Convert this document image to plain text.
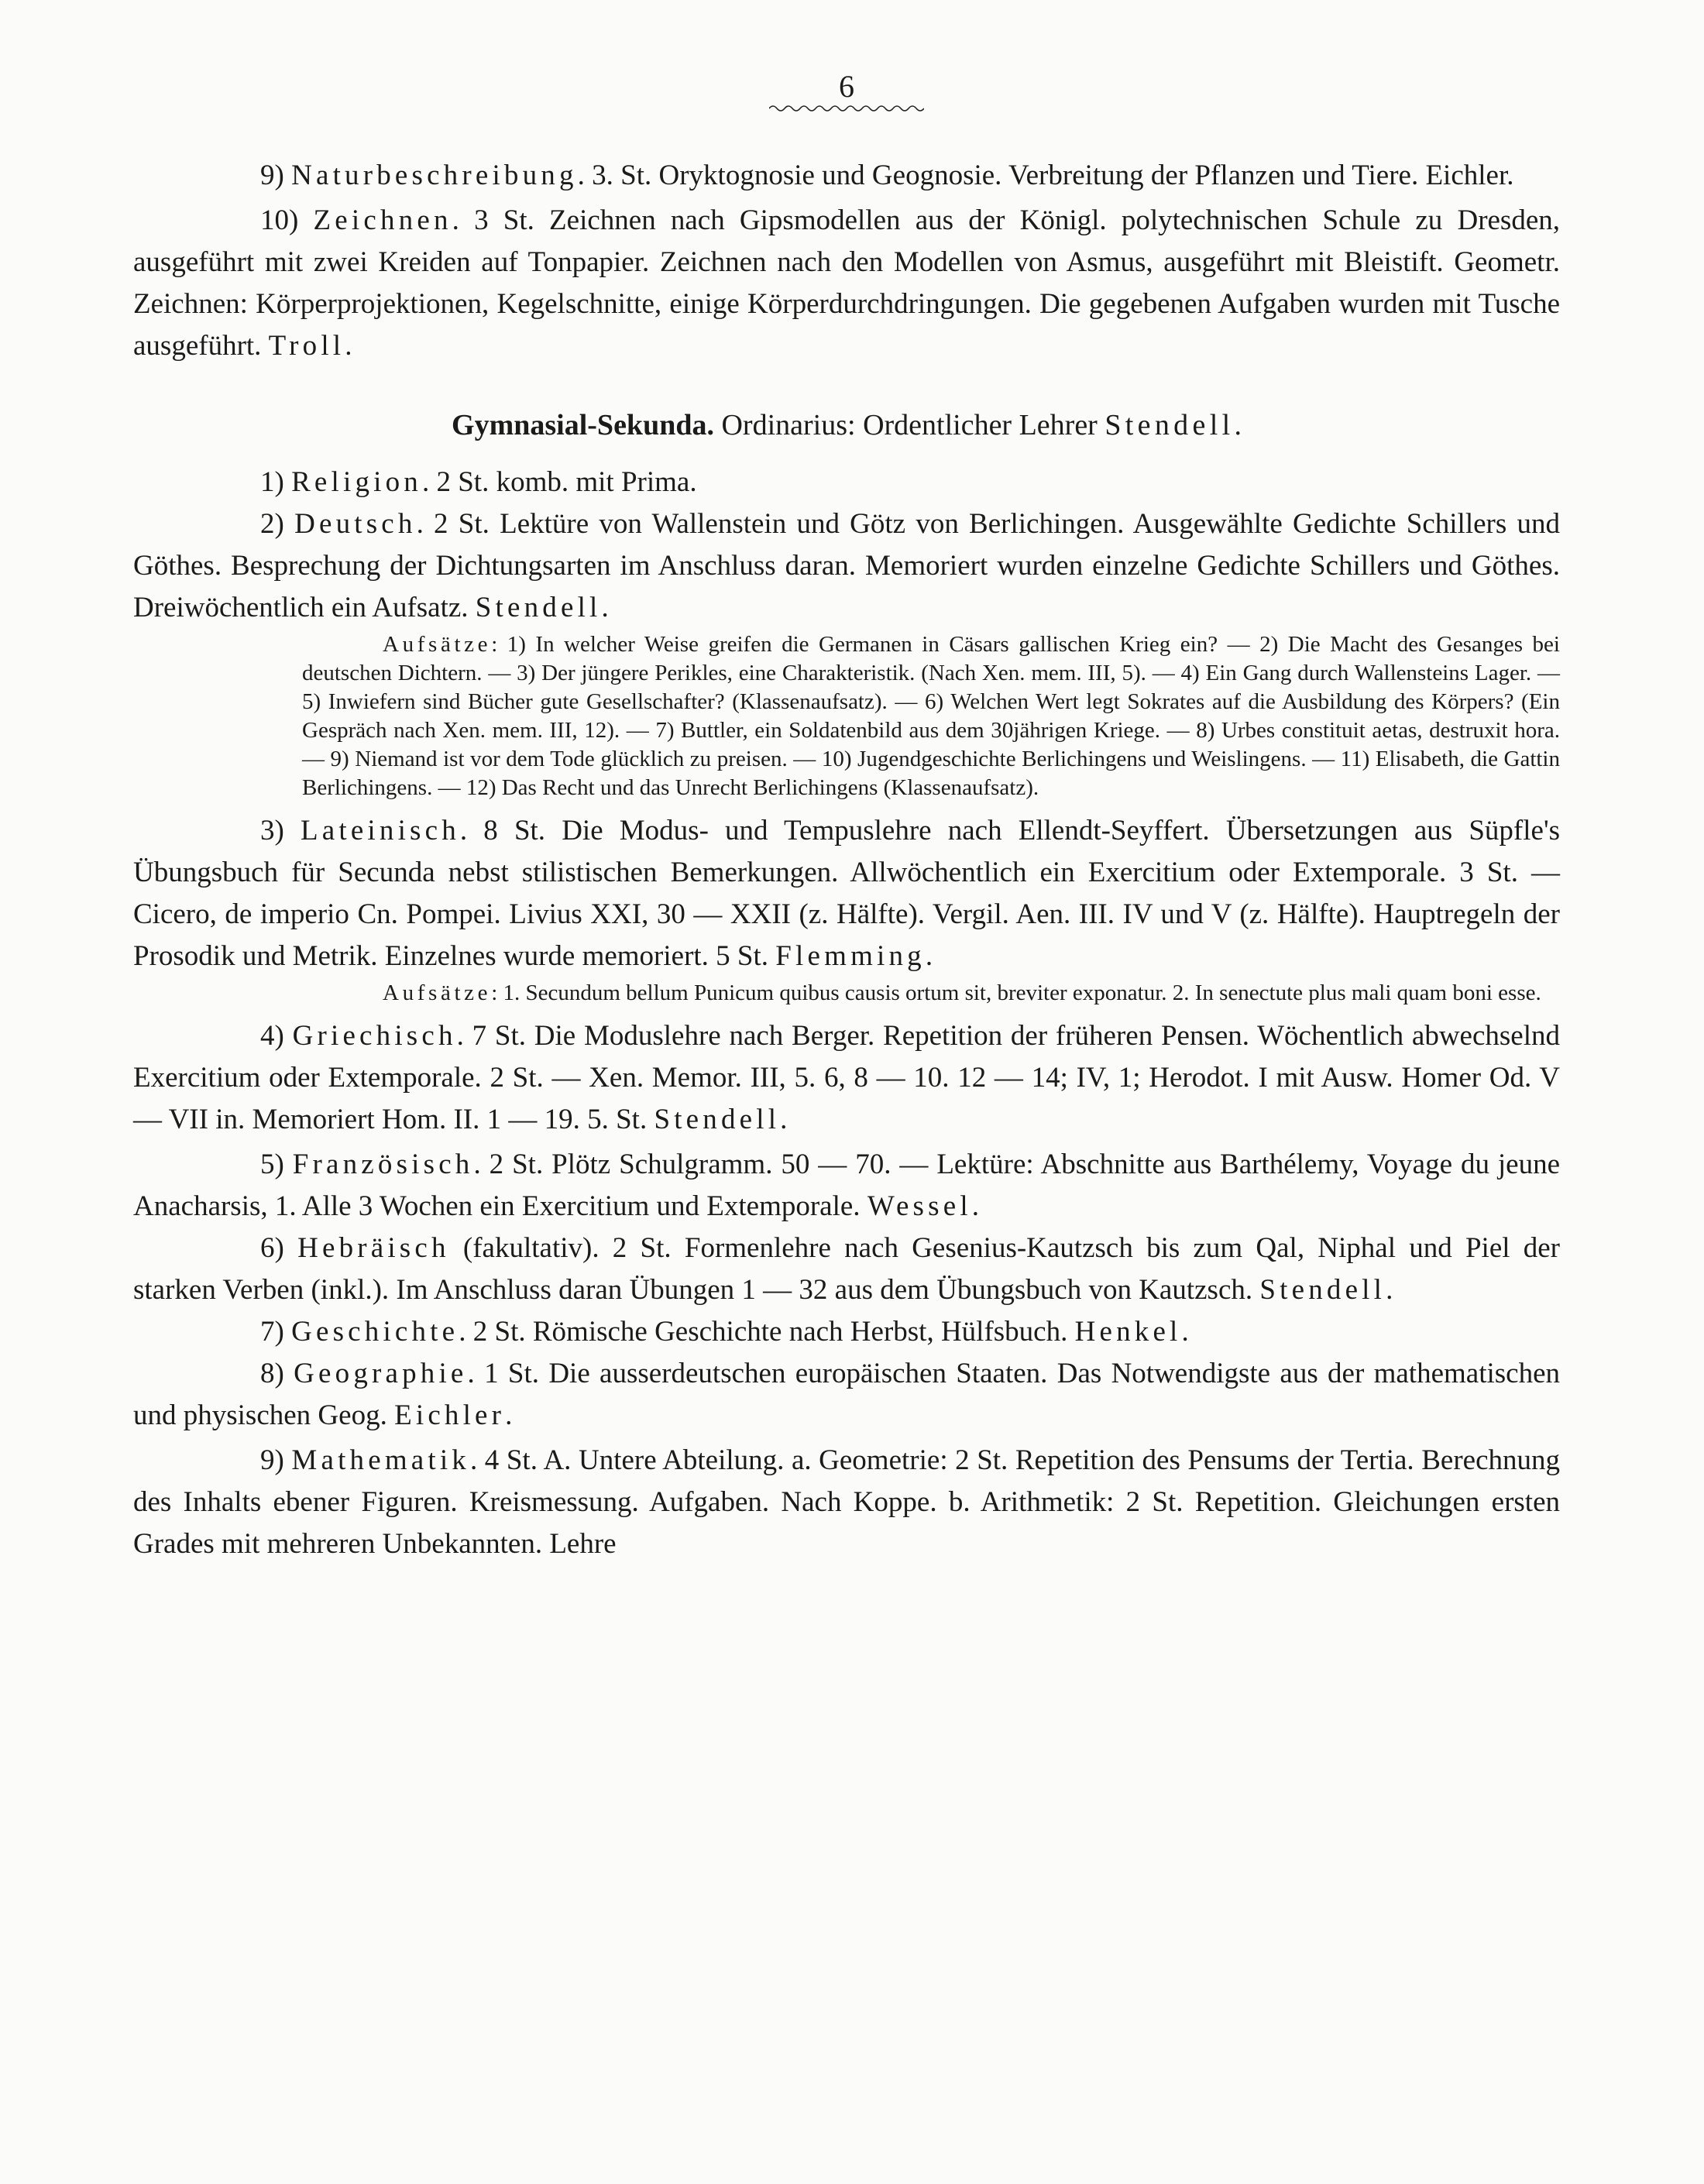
6

9) Naturbeschreibung. 3. St. Oryktognosie und Geognosie. Verbreitung der Pflanzen und Tiere. Eichler.

10) Zeichnen. 3 St. Zeichnen nach Gipsmodellen aus der Königl. polytechnischen Schule zu Dresden, ausgeführt mit zwei Kreiden auf Tonpapier. Zeichnen nach den Modellen von Asmus, ausgeführt mit Bleistift. Geometr. Zeichnen: Körperprojektionen, Kegelschnitte, einige Körperdurchdringungen. Die gegebenen Aufgaben wurden mit Tusche ausgeführt. Troll.

Gymnasial-Sekunda. Ordinarius: Ordentlicher Lehrer Stendell.

1) Religion. 2 St. komb. mit Prima.

2) Deutsch. 2 St. Lektüre von Wallenstein und Götz von Berlichingen. Ausgewählte Gedichte Schillers und Göthes. Besprechung der Dichtungsarten im Anschluss daran. Memoriert wurden einzelne Gedichte Schillers und Göthes. Dreiwöchentlich ein Aufsatz. Stendell.

Aufsätze: 1) In welcher Weise greifen die Germanen in Cäsars gallischen Krieg ein? — 2) Die Macht des Gesanges bei deutschen Dichtern. — 3) Der jüngere Perikles, eine Charakteristik. (Nach Xen. mem. III, 5). — 4) Ein Gang durch Wallensteins Lager. — 5) Inwiefern sind Bücher gute Gesellschafter? (Klassenaufsatz). — 6) Welchen Wert legt Sokrates auf die Ausbildung des Körpers? (Ein Gespräch nach Xen. mem. III, 12). — 7) Buttler, ein Soldatenbild aus dem 30jährigen Kriege. — 8) Urbes constituit aetas, destruxit hora. — 9) Niemand ist vor dem Tode glücklich zu preisen. — 10) Jugendgeschichte Berlichingens und Weislingens. — 11) Elisabeth, die Gattin Berlichingens. — 12) Das Recht und das Unrecht Berlichingens (Klassenaufsatz).

3) Lateinisch. 8 St. Die Modus- und Tempuslehre nach Ellendt-Seyffert. Übersetzungen aus Süpfle's Übungsbuch für Secunda nebst stilistischen Bemerkungen. Allwöchentlich ein Exercitium oder Extemporale. 3 St. — Cicero, de imperio Cn. Pompei. Livius XXI, 30 — XXII (z. Hälfte). Vergil. Aen. III. IV und V (z. Hälfte). Hauptregeln der Prosodik und Metrik. Einzelnes wurde memoriert. 5 St. Flemming.

Aufsätze: 1. Secundum bellum Punicum quibus causis ortum sit, breviter exponatur. 2. In senectute plus mali quam boni esse.

4) Griechisch. 7 St. Die Moduslehre nach Berger. Repetition der früheren Pensen. Wöchentlich abwechselnd Exercitium oder Extemporale. 2 St. — Xen. Memor. III, 5. 6, 8 — 10. 12 — 14; IV, 1; Herodot. I mit Ausw. Homer Od. V — VII in. Memoriert Hom. II. 1 — 19. 5. St. Stendell.

5) Französisch. 2 St. Plötz Schulgramm. 50 — 70. — Lektüre: Abschnitte aus Barthélemy, Voyage du jeune Anacharsis, 1. Alle 3 Wochen ein Exercitium und Extemporale. Wessel.

6) Hebräisch (fakultativ). 2 St. Formenlehre nach Gesenius-Kautzsch bis zum Qal, Niphal und Piel der starken Verben (inkl.). Im Anschluss daran Übungen 1 — 32 aus dem Übungsbuch von Kautzsch. Stendell.

7) Geschichte. 2 St. Römische Geschichte nach Herbst, Hülfsbuch. Henkel.

8) Geographie. 1 St. Die ausserdeutschen europäischen Staaten. Das Notwendigste aus der mathematischen und physischen Geog. Eichler.

9) Mathematik. 4 St. A. Untere Abteilung. a. Geometrie: 2 St. Repetition des Pensums der Tertia. Berechnung des Inhalts ebener Figuren. Kreismessung. Aufgaben. Nach Koppe. b. Arithmetik: 2 St. Repetition. Gleichungen ersten Grades mit mehreren Unbekannten. Lehre
